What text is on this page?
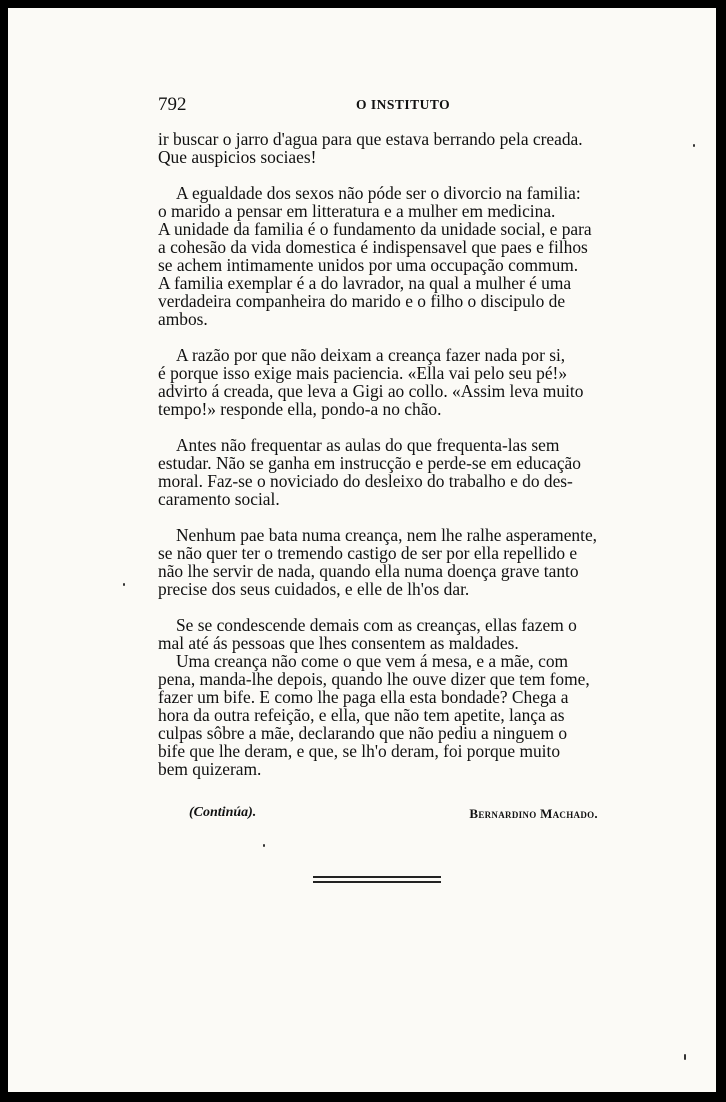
792	O INSTITUTO

ir buscar o jarro d'agua para que estava berrando pela creada.
Que auspicios sociaes!

A egualdade dos sexos não póde ser o divorcio na familia:
o marido a pensar em litteratura e a mulher em medicina.
A unidade da familia é o fundamento da unidade social, e para
a cohesão da vida domestica é indispensavel que paes e filhos
se achem intimamente unidos por uma occupação commum.
A familia exemplar é a do lavrador, na qual a mulher é uma
verdadeira companheira do marido e o filho o discipulo de
ambos.

A razão por que não deixam a creança fazer nada por si,
é porque isso exige mais paciencia. «Ella vai pelo seu pé!»
advirto á creada, que leva a Gigi ao collo. «Assim leva muito
tempo!» responde ella, pondo-a no chão.

Antes não frequentar as aulas do que frequenta-las sem
estudar. Não se ganha em instrucção e perde-se em educação
moral. Faz-se o noviciado do desleixo do trabalho e do des-
caramento social.

Nenhum pae bata numa creança, nem lhe ralhe asperamente,
se não quer ter o tremendo castigo de ser por ella repellido e
não lhe servir de nada, quando ella numa doença grave tanto
precise dos seus cuidados, e elle de lh'os dar.

Se se condescende demais com as creanças, ellas fazem o
mal até ás pessoas que lhes consentem as maldades.

Uma creança não come o que vem á mesa, e a mãe, com
pena, manda-lhe depois, quando lhe ouve dizer que tem fome,
fazer um bife. E como lhe paga ella esta bondade? Chega a
hora da outra refeição, e ella, que não tem apetite, lança as
culpas sôbre a mãe, declarando que não pediu a ninguem o
bife que lhe deram, e que, se lh'o deram, foi porque muito
bem quizeram.

(Continúa).	Bernardino Machado.
